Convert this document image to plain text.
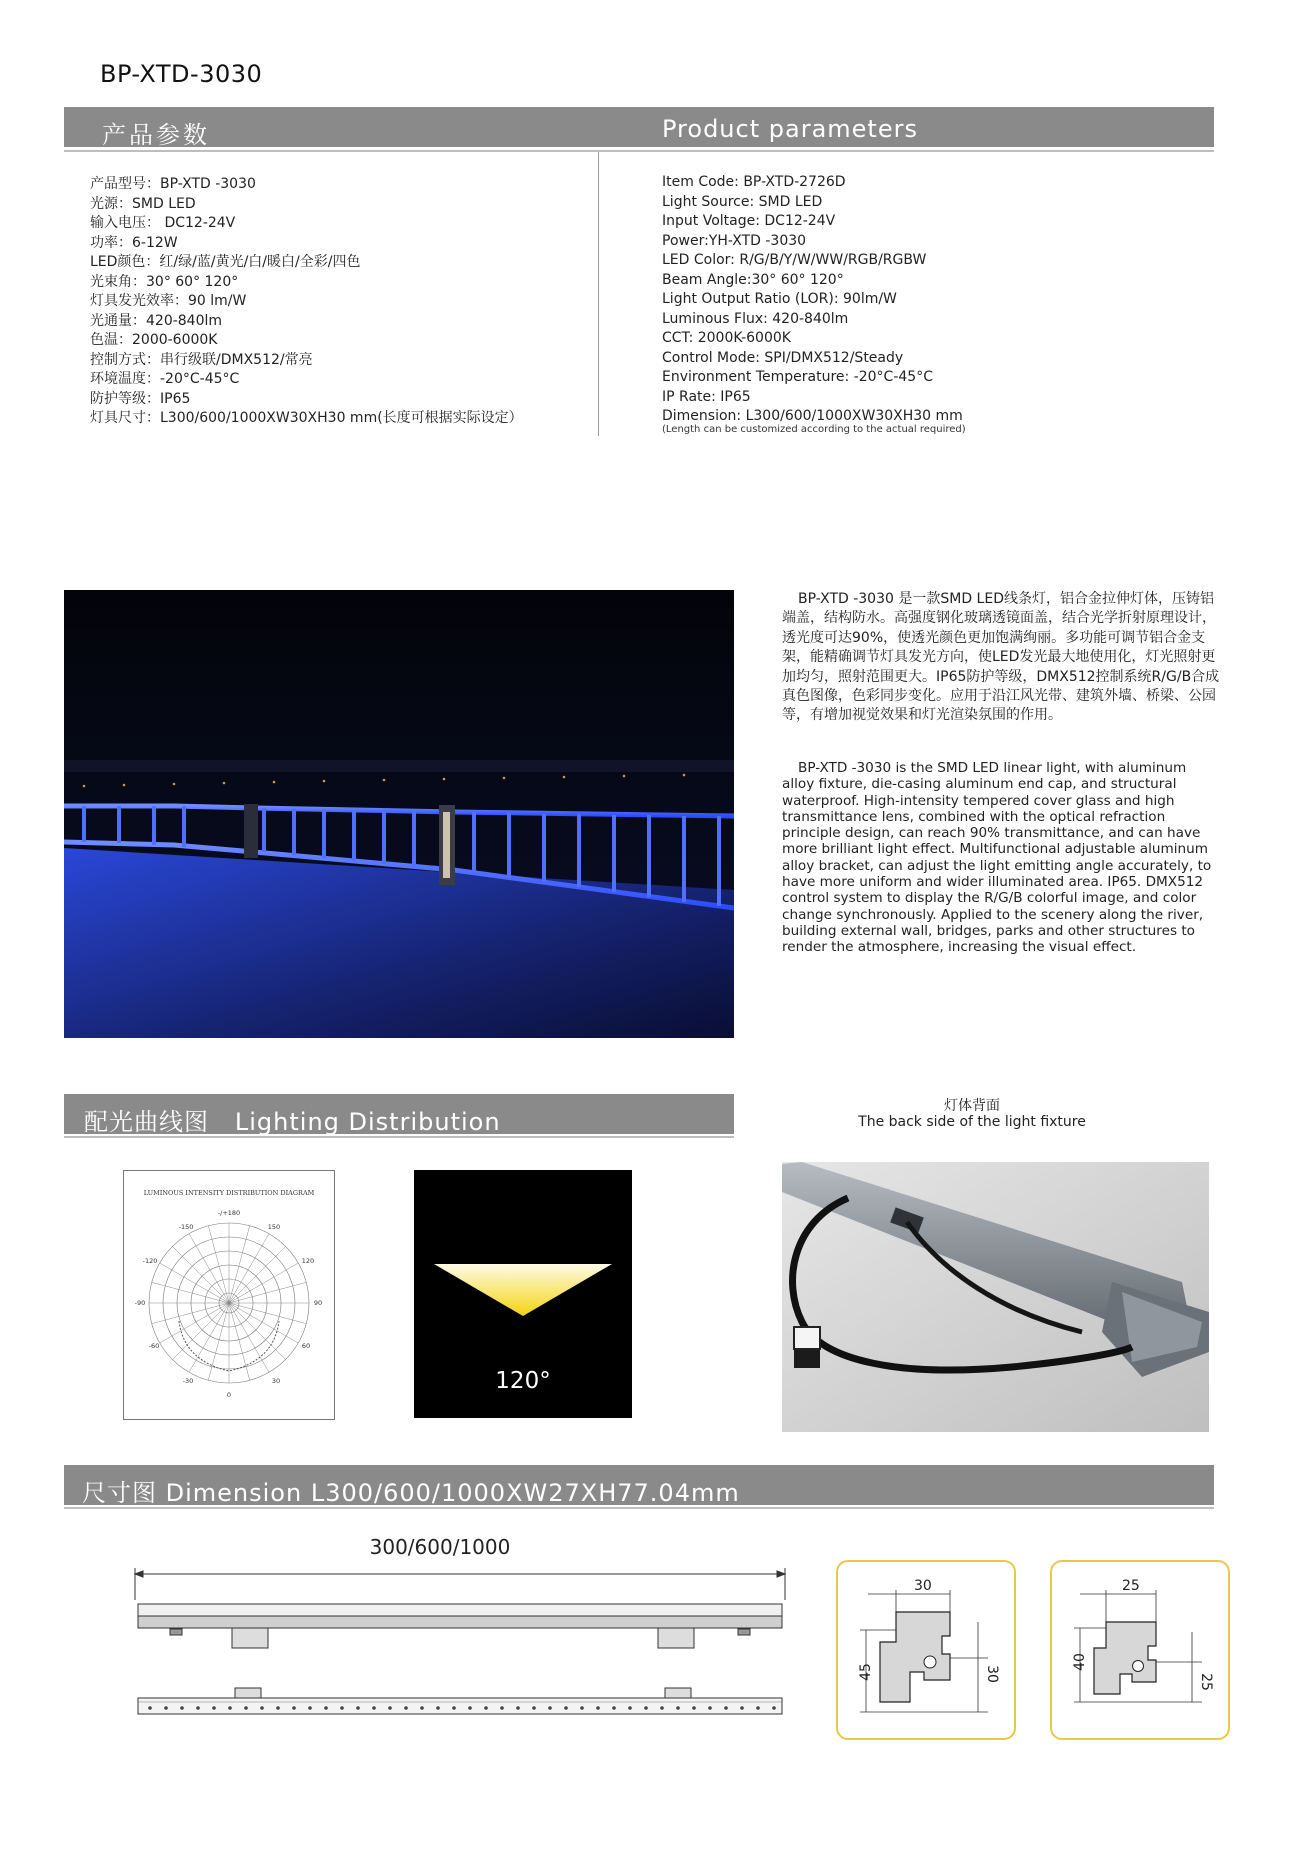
BP-XTD-3030
产品参数	Product parameters
产品型号：BP-XTD -3030
光源：SMD LED
输入电压： DC12-24V
功率：6-12W
LED颜色：红/绿/蓝/黄光/白/暖白/全彩/四色
光束角：30° 60° 120°
灯具发光效率：90 lm/W
光通量：420-840lm
色温：2000-6000K
控制方式：串行级联/DMX512/常亮
环境温度：-20°C-45°C
防护等级：IP65
灯具尺寸：L300/600/1000XW30XH30 mm(长度可根据实际设定）
Item Code: BP-XTD-2726D
Light Source: SMD LED
Input Voltage: DC12-24V
Power:YH-XTD -3030
LED Color: R/G/B/Y/W/WW/RGB/RGBW
Beam Angle:30° 60° 120°
Light Output Ratio (LOR): 90lm/W
Luminous Flux: 420-840lm
CCT: 2000K-6000K
Control Mode: SPI/DMX512/Steady
Environment Temperature: -20°C-45°C
IP Rate: IP65
Dimension: L300/600/1000XW30XH30 mm
(Length can be customized according to the actual required)

BP-XTD -3030 是一款SMD LED线条灯，铝合金拉伸灯体，压铸铝端盖，结构防水。高强度钢化玻璃透镜面盖，结合光学折射原理设计，透光度可达90%，使透光颜色更加饱满绚丽。多功能可调节铝合金支架，能精确调节灯具发光方向，使LED发光最大地使用化，灯光照射更加均匀，照射范围更大。IP65防护等级，DMX512控制系统R/G/B合成真色图像，色彩同步变化。应用于沿江风光带、建筑外墙、桥梁、公园等，有增加视觉效果和灯光渲染氛围的作用。

BP-XTD -3030 is the SMD LED linear light, with aluminum alloy fixture, die-casing aluminum end cap, and structural waterproof. High-intensity tempered cover glass and high transmittance lens, combined with the optical refraction principle design, can reach 90% transmittance, and can have more brilliant light effect. Multifunctional adjustable aluminum alloy bracket, can adjust the light emitting angle accurately, to have more uniform and wider illuminated area. IP65. DMX512 control system to display the R/G/B colorful image, and color change synchronously. Applied to the scenery along the river, building external wall, bridges, parks and other structures to render the atmosphere, increasing the visual effect.

配光曲线图 Lighting Distribution
灯体背面
The back side of the light fixture
LUMINOUS INTENSITY DISTRIBUTION DIAGRAM
-/+180
-150	150
-120	120
-90	90
-60	60
-30	30
0
120°
尺寸图 Dimension L300/600/1000XW27XH77.04mm
300/600/1000
30
45	30
25
40
25
